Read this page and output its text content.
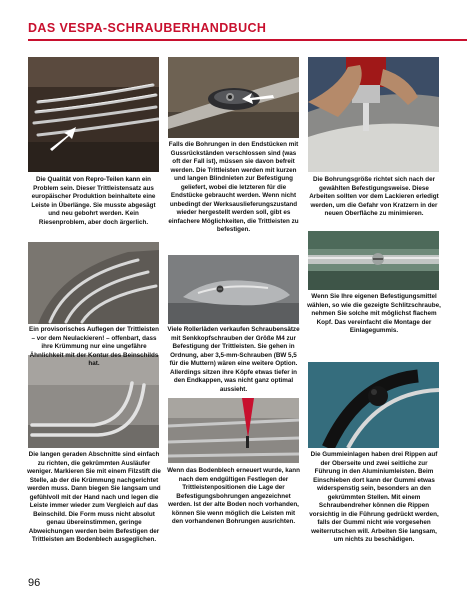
DAS VESPA-SCHRAUBERHANDBUCH
Die Qualität von Repro-Teilen kann ein Problem sein. Dieser Trittleistensatz aus europäischer Produktion beinhaltete eine Leiste in Überlänge. Sie musste abgesägt und neu gebohrt werden. Kein Riesenproblem, aber doch ärgerlich.
Falls die Bohrungen in den Endstücken mit Gussrückständen verschlossen sind (was oft der Fall ist), müssen sie davon befreit werden. Die Trittleisten werden mit kurzen und langen Blindnieten zur Befestigung geliefert, wobei die letzteren für die Endstücke gebraucht werden. Wenn nicht unbedingt der Werksauslieferungszustand wieder hergestellt werden soll, gibt es einfachere Möglichkeiten, die Trittleisten zu befestigen.
Die Bohrungsgröße richtet sich nach der gewählten Befestigungsweise. Diese Arbeiten sollten vor dem Lackieren erledigt werden, um die Gefahr von Kratzern in der neuen Oberfläche zu minimieren.
Ein provisorisches Auflegen der Trittleisten – vor dem Neulackieren! – offenbart, dass ihre Krümmung nur eine ungefähre Ähnlichkeit mit der Kontur des Beinschilds hat.
Viele Rollerläden verkaufen Schraubensätze mit Senkkopfschrauben der Größe M4 zur Befestigung der Trittleisten. Sie gehen in Ordnung, aber 3,5-mm-Schrauben (BW 5,5 für die Muttern) wären eine weitere Option. Allerdings sitzen ihre Köpfe etwas tiefer in den Endkappen, was nicht ganz optimal aussieht.
Wenn Sie Ihre eigenen Befestigungsmittel wählen, so wie die gezeigte Schlitzschraube, nehmen Sie solche mit möglichst flachem Kopf. Das vereinfacht die Montage der Einlagegummis.
Die langen geraden Abschnitte sind einfach zu richten, die gekrümmten Ausläufer weniger. Markieren Sie mit einem Filzstift die Stelle, ab der die Krümmung nachgerichtet werden muss. Dann biegen Sie langsam und gefühlvoll mit der Hand nach und legen die Leiste immer wieder zum Vergleich auf das Beinschild. Die Form muss nicht absolut genau übereinstimmen, geringe Abweichungen werden beim Befestigen der Trittleisten am Bodenblech ausgeglichen.
Wenn das Bodenblech erneuert wurde, kann nach dem endgültigen Festlegen der Trittleistenpositionen die Lage der Befestigungsbohrungen angezeichnet werden. Ist der alte Boden noch vorhanden, können Sie wenn möglich die Leisten mit den vorhandenen Bohrungen ausrichten.
Die Gummieinlagen haben drei Rippen auf der Oberseite und zwei seitliche zur Führung in den Aluminiumleisten. Beim Einschieben dort kann der Gummi etwas widerspenstig sein, besonders an den gekrümmten Stellen. Mit einem Schraubendreher können die Rippen vorsichtig in die Führung gedrückt werden, falls der Gummi nicht wie vorgesehen weiterrutschen will. Arbeiten Sie langsam, um nichts zu beschädigen.
96
